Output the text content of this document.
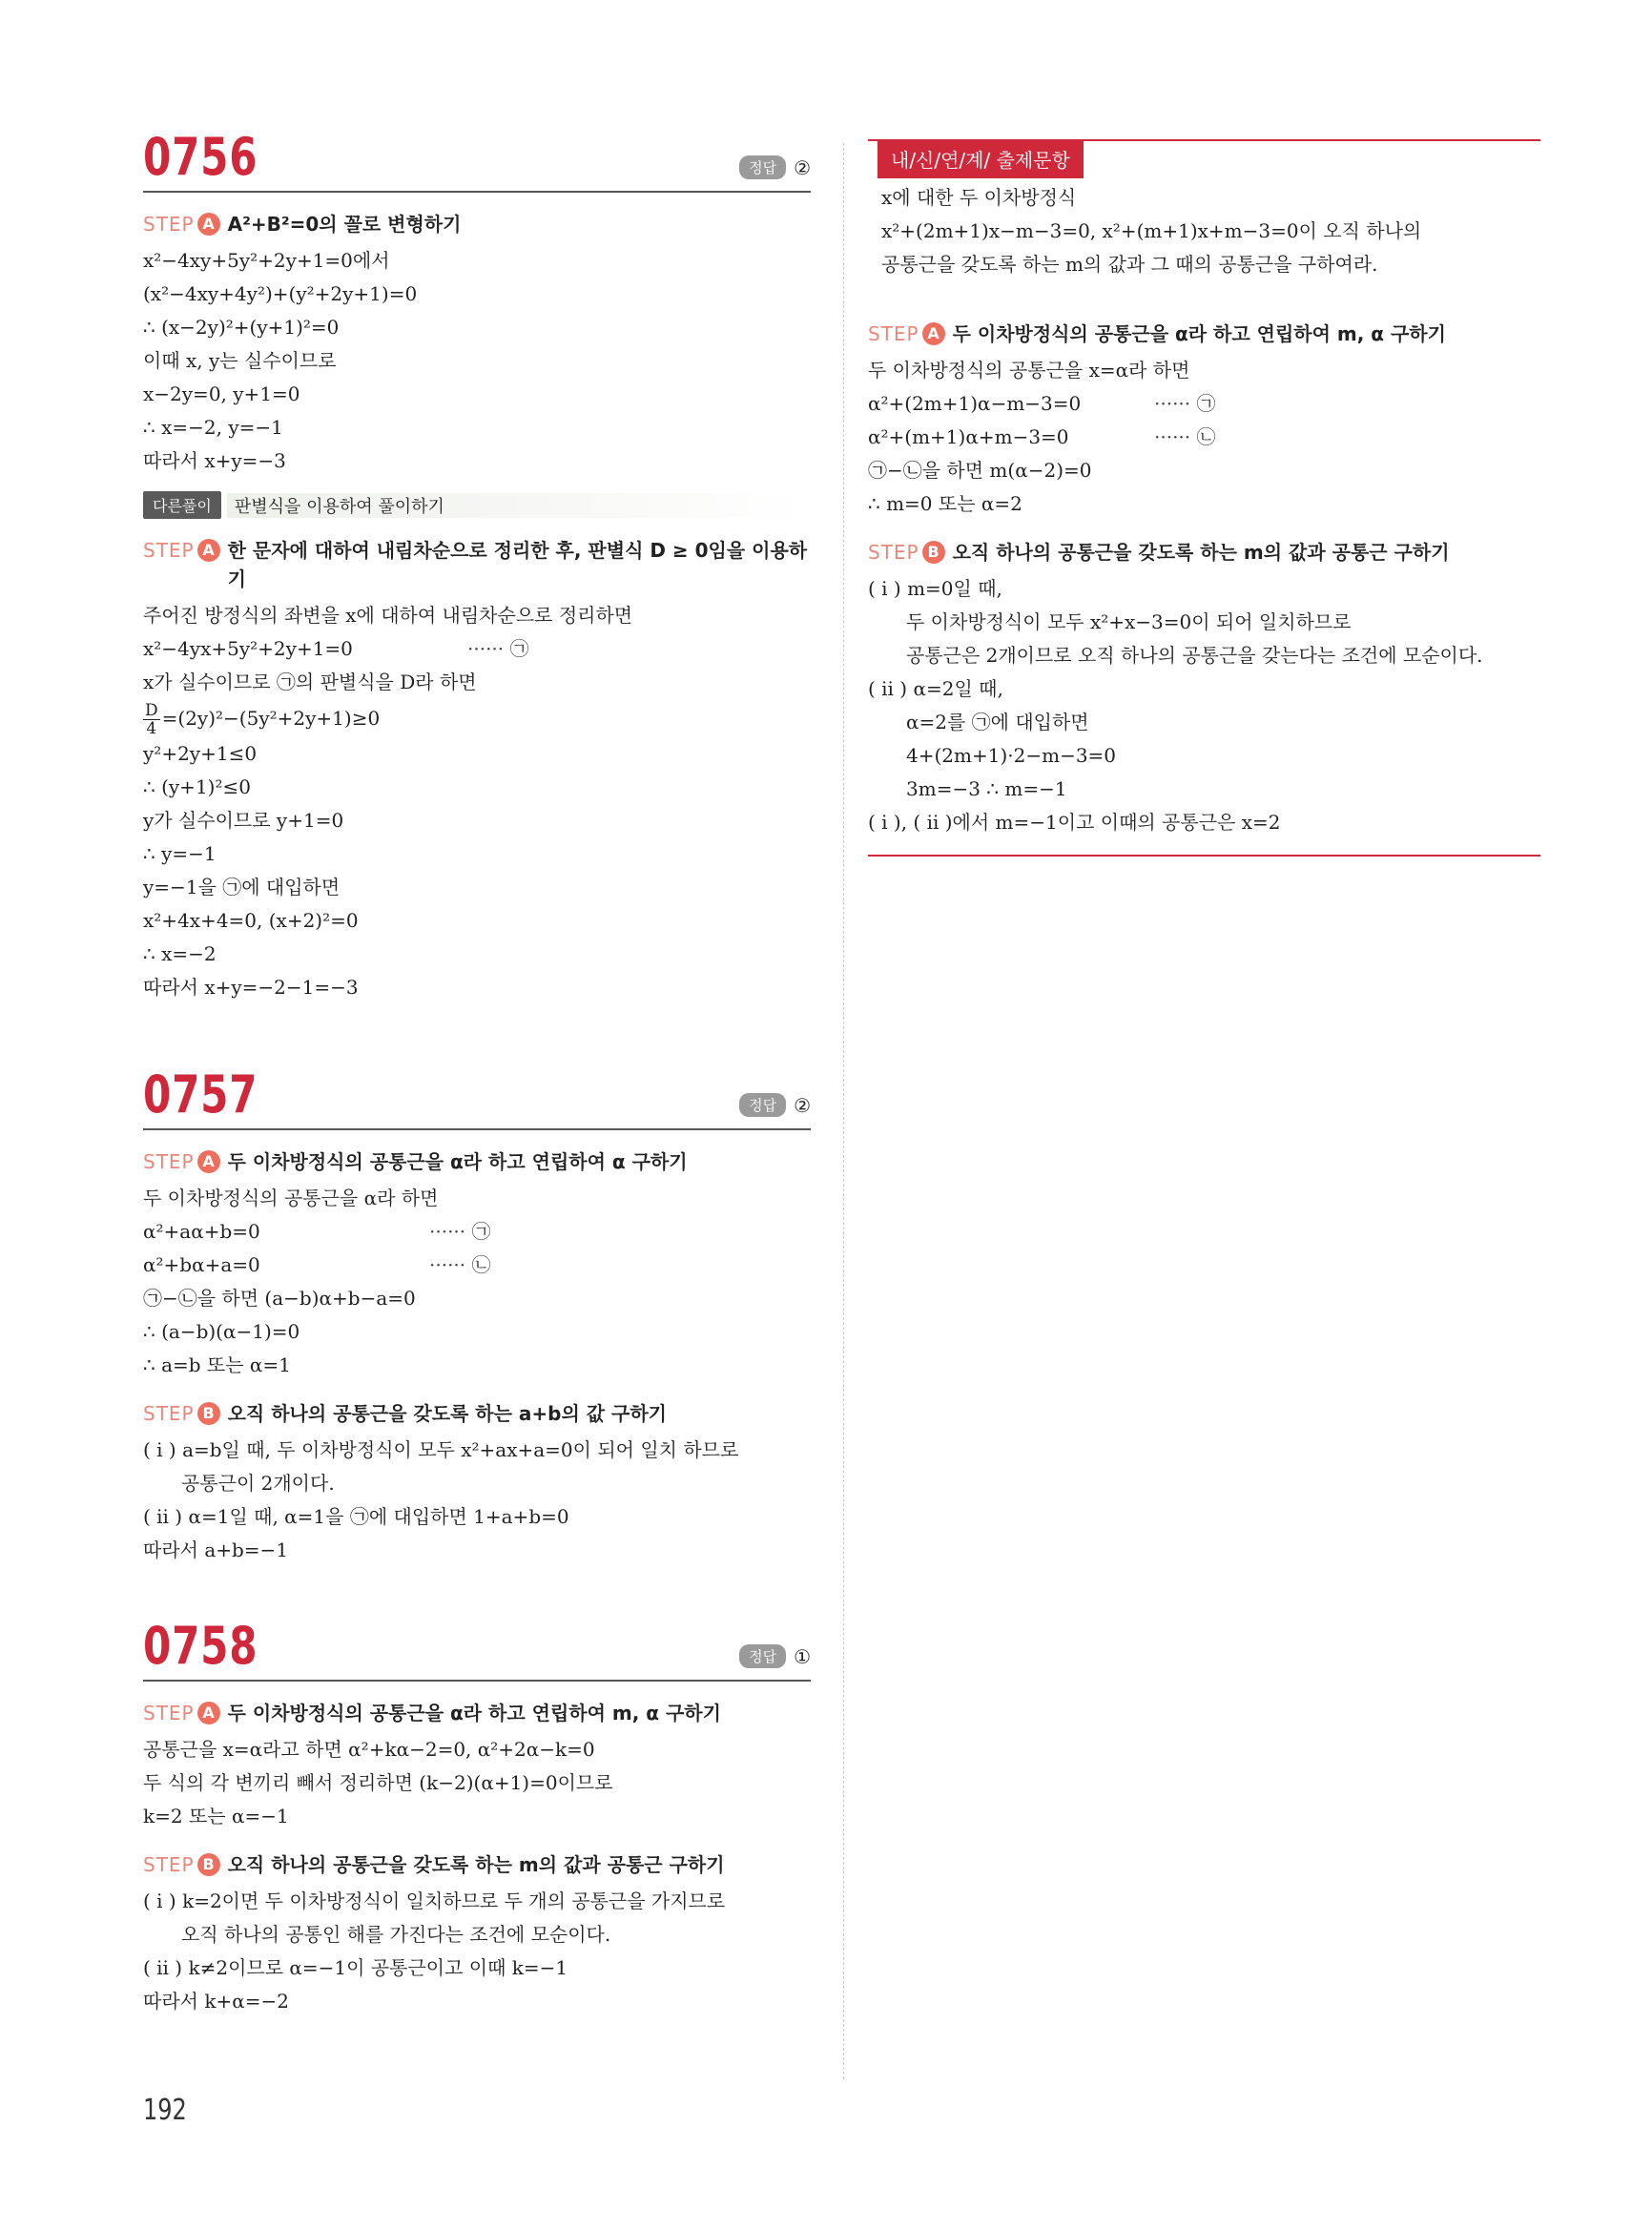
0756	정답 ②
STEP A A²+B²=0의 꼴로 변형하기
x²−4xy+5y²+2y+1=0에서
(x²−4xy+4y²)+(y²+2y+1)=0
∴ (x−2y)²+(y+1)²=0
이때 x, y는 실수이므로
x−2y=0, y+1=0
∴ x=−2, y=−1
따라서 x+y=−3
다른풀이	판별식을 이용하여 풀이하기
STEP A 한 문자에 대하여 내림차순으로 정리한 후, 판별식 D ≥ 0임을 이용하기
주어진 방정식의 좌변을 x에 대하여 내림차순으로 정리하면
x²−4yx+5y²+2y+1=0	······ ㉠
x가 실수이므로 ㉠의 판별식을 D라 하면
$\frac{D}{4} =(2y)^2-(5y^2+2y+1)\ge 0$
y²+2y+1≤0
∴ (y+1)²≤0
y가 실수이므로 y+1=0
∴ y=−1
y=−1을 ㉠에 대입하면
x²+4x+4=0, (x+2)²=0
∴ x=−2
따라서 x+y=−2−1=−3
0757	정답 ②
STEP A 두 이차방정식의 공통근을 α라 하고 연립하여 α 구하기
두 이차방정식의 공통근을 α라 하면
α²+aα+b=0	······ ㉠
α²+bα+a=0	······ ㉡
㉠−㉡을 하면 (a−b)α+b−a=0
∴ (a−b)(α−1)=0
∴ a=b 또는 α=1
STEP B 오직 하나의 공통근을 갖도록 하는 a+b의 값 구하기
( i ) a=b일 때, 두 이차방정식이 모두 x²+ax+a=0이 되어 일치 하므로
공통근이 2개이다.
( ii ) α=1일 때, α=1을 ㉠에 대입하면 1+a+b=0
따라서 a+b=−1
0758	정답 ①
STEP A 두 이차방정식의 공통근을 α라 하고 연립하여 m, α 구하기
공통근을 x=α라고 하면 α²+kα−2=0, α²+2α−k=0
두 식의 각 변끼리 빼서 정리하면 (k−2)(α+1)=0이므로
k=2 또는 α=−1
STEP B 오직 하나의 공통근을 갖도록 하는 m의 값과 공통근 구하기
( i ) k=2이면 두 이차방정식이 일치하므로 두 개의 공통근을 가지므로
오직 하나의 공통인 해를 가진다는 조건에 모순이다.
( ii ) k≠2이므로 α=−1이 공통근이고 이때 k=−1
따라서 k+α=−2
내/신/연/계/ 출제문항
x에 대한 두 이차방정식
x²+(2m+1)x−m−3=0, x²+(m+1)x+m−3=0이 오직 하나의
공통근을 갖도록 하는 m의 값과 그 때의 공통근을 구하여라.
STEP A 두 이차방정식의 공통근을 α라 하고 연립하여 m, α 구하기
두 이차방정식의 공통근을 x=α라 하면
α²+(2m+1)α−m−3=0	······ ㉠
α²+(m+1)α+m−3=0	······ ㉡
㉠−㉡을 하면 m(α−2)=0
∴ m=0 또는 α=2
STEP B 오직 하나의 공통근을 갖도록 하는 m의 값과 공통근 구하기
( i ) m=0일 때,
두 이차방정식이 모두 x²+x−3=0이 되어 일치하므로
공통근은 2개이므로 오직 하나의 공통근을 갖는다는 조건에 모순이다.
( ii ) α=2일 때,
α=2를 ㉠에 대입하면
4+(2m+1)·2−m−3=0
3m=−3 ∴ m=−1
( i ), ( ii )에서 m=−1이고 이때의 공통근은 x=2
192
